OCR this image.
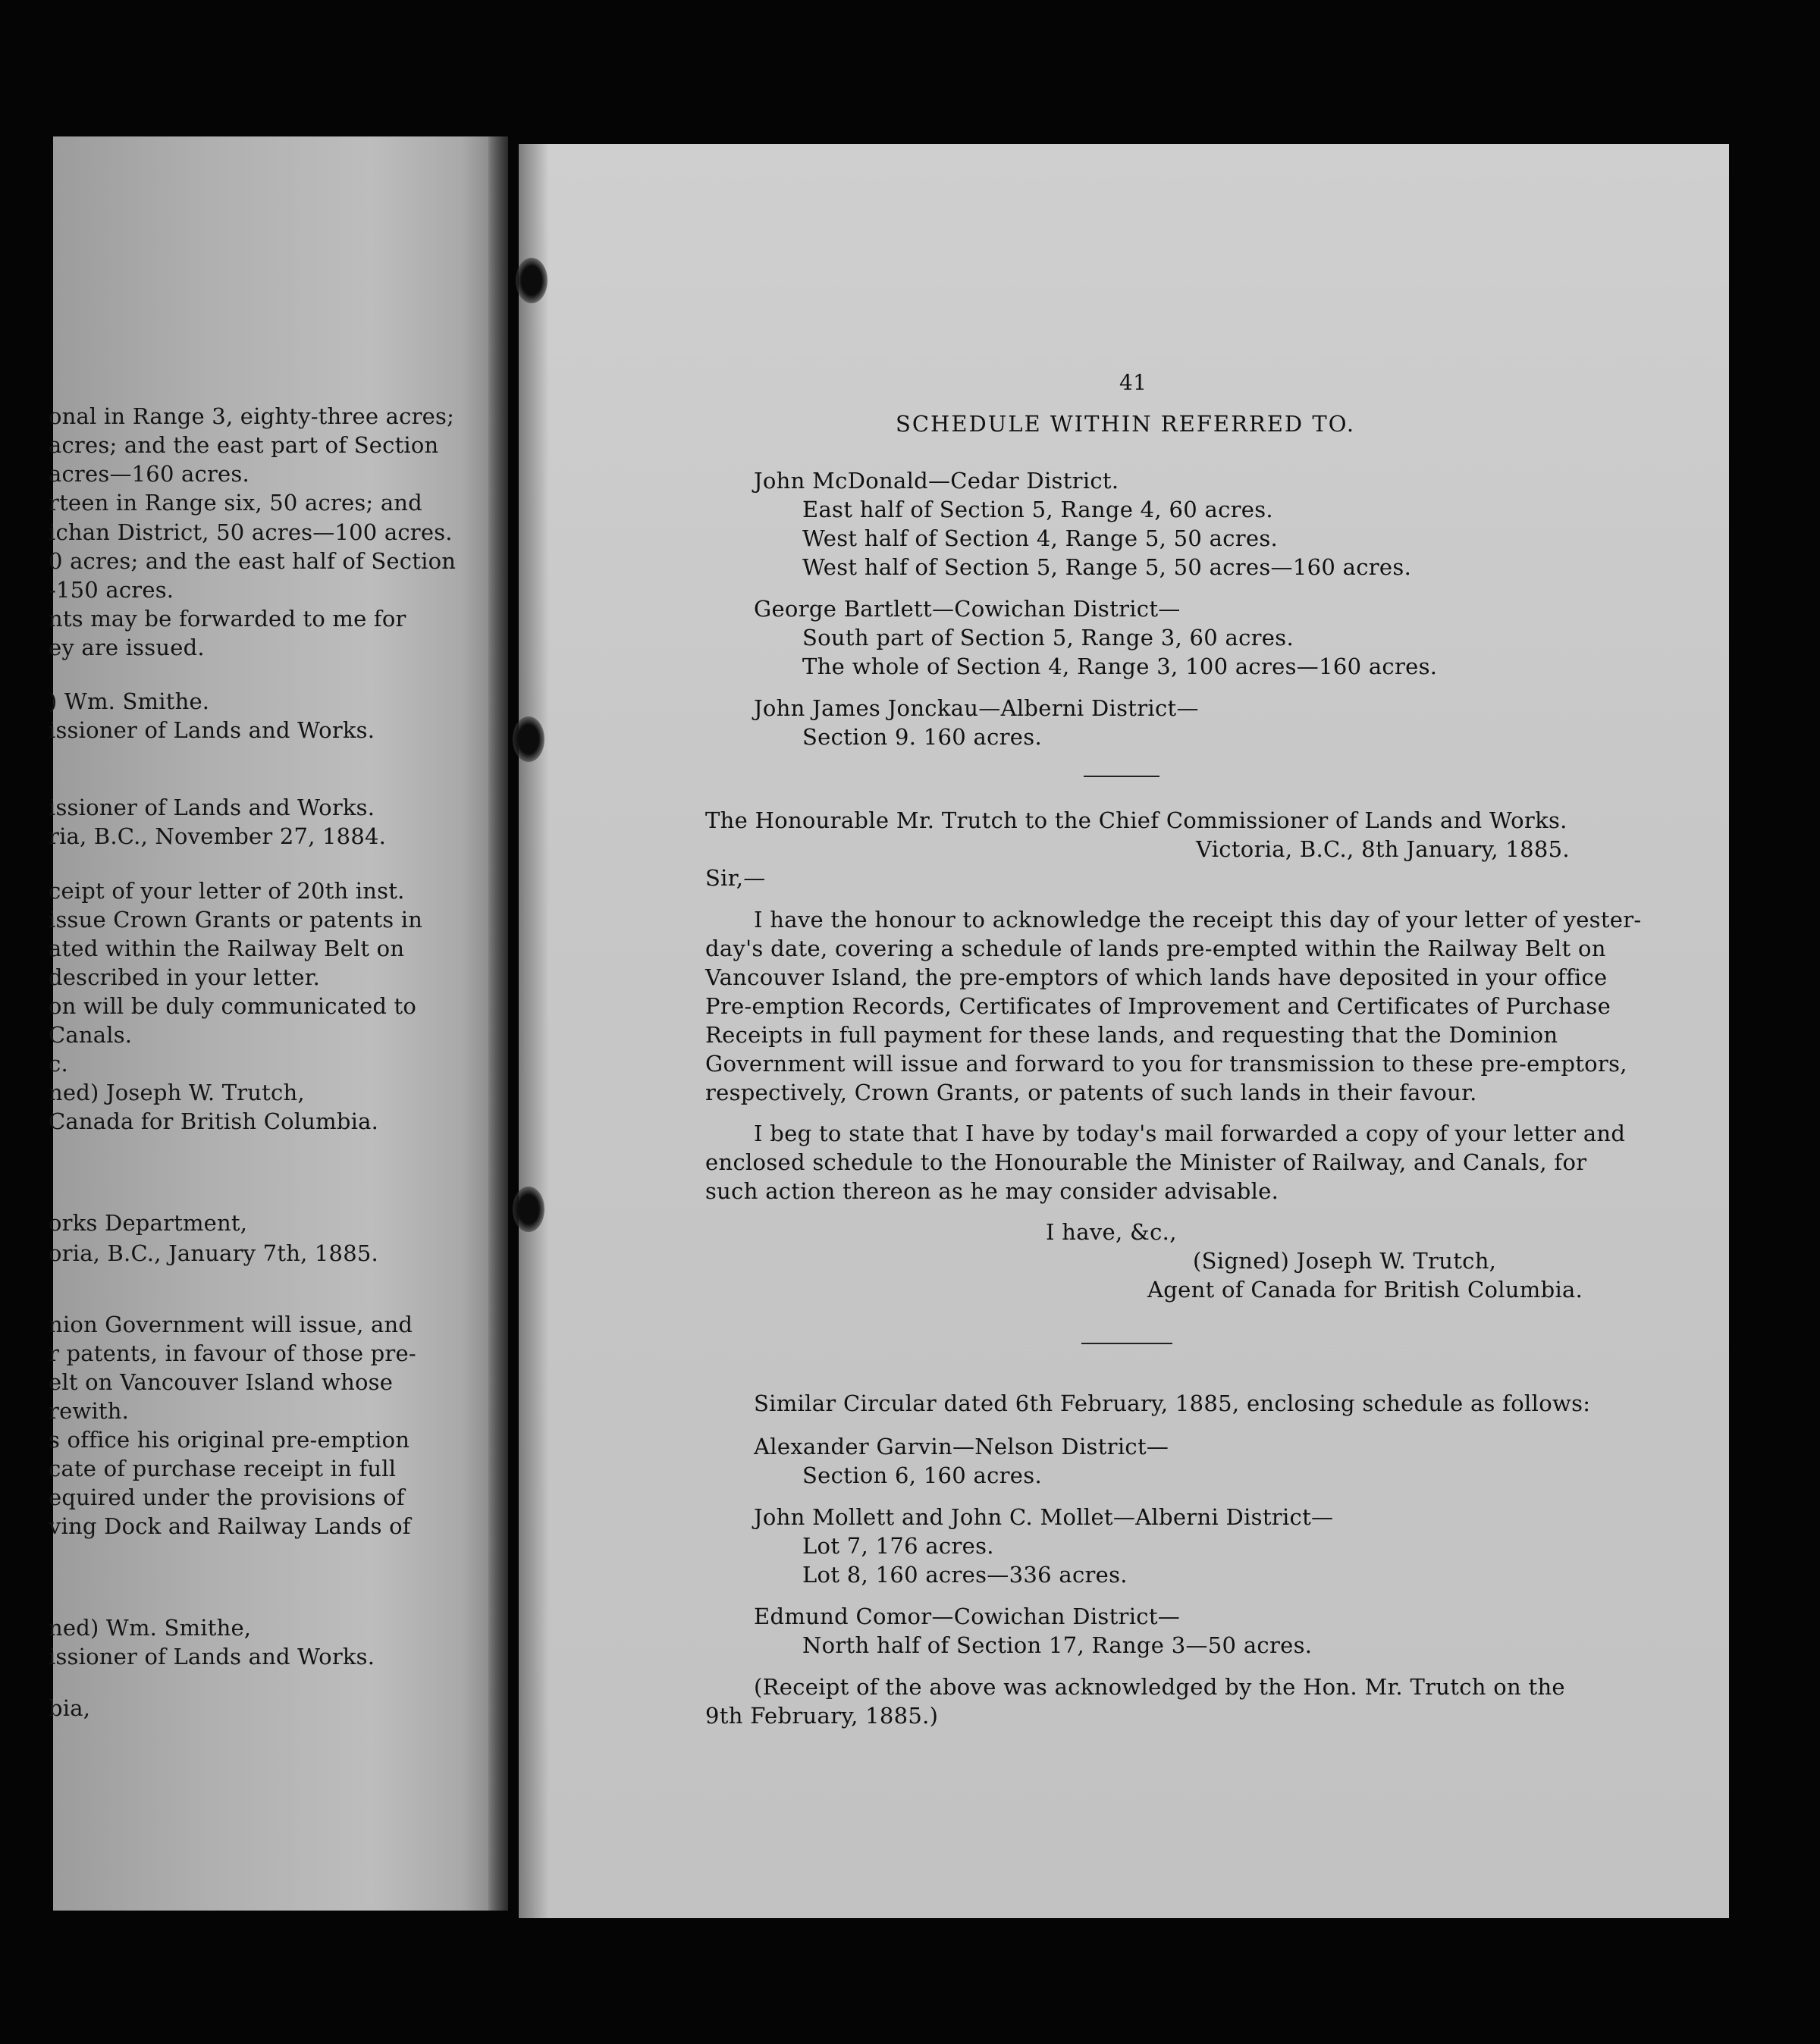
onal in Range 3, eighty-three acres;
acres; and the east part of Section
acres—160 acres.
rteen in Range six, 50 acres; and
ichan District, 50 acres—100 acres.
0 acres; and the east half of Section
-150 acres.
nts may be forwarded to me for
ey are issued.
) Wm. Smithe.
issioner of Lands and Works.
issioner of Lands and Works.
ria, B.C., November 27, 1884.
ceipt of your letter of 20th inst.
issue Crown Grants or patents in
ated within the Railway Belt on
described in your letter.
on will be duly communicated to
Canals.
c.
ned) Joseph W. Trutch,
Canada for British Columbia.
orks Department,
oria, B.C., January 7th, 1885.
nion Government will issue, and
r patents, in favour of those pre-
elt on Vancouver Island whose
rewith.
s office his original pre-emption
cate of purchase receipt in full
equired under the provisions of
ving Dock and Railway Lands of
ned) Wm. Smithe,
issioner of Lands and Works.
bia,
41
SCHEDULE WITHIN REFERRED TO.
John McDonald—Cedar District.
East half of Section 5, Range 4, 60 acres.
West half of Section 4, Range 5, 50 acres.
West half of Section 5, Range 5, 50 acres—160 acres.
George Bartlett—Cowichan District—
South part of Section 5, Range 3, 60 acres.
The whole of Section 4, Range 3, 100 acres—160 acres.
John James Jonckau—Alberni District—
Section 9. 160 acres.
The Honourable Mr. Trutch to the Chief Commissioner of Lands and Works.
Victoria, B.C., 8th January, 1885.
Sir,—
I have the honour to acknowledge the receipt this day of your letter of yester-
day's date, covering a schedule of lands pre-empted within the Railway Belt on
Vancouver Island, the pre-emptors of which lands have deposited in your office
Pre-emption Records, Certificates of Improvement and Certificates of Purchase
Receipts in full payment for these lands, and requesting that the Dominion
Government will issue and forward to you for transmission to these pre-emptors,
respectively, Crown Grants, or patents of such lands in their favour.
I beg to state that I have by today's mail forwarded a copy of your letter and
enclosed schedule to the Honourable the Minister of Railway, and Canals, for
such action thereon as he may consider advisable.
I have, &c.,
(Signed) Joseph W. Trutch,
Agent of Canada for British Columbia.
Similar Circular dated 6th February, 1885, enclosing schedule as follows:
Alexander Garvin—Nelson District—
Section 6, 160 acres.
John Mollett and John C. Mollet—Alberni District—
Lot 7, 176 acres.
Lot 8, 160 acres—336 acres.
Edmund Comor—Cowichan District—
North half of Section 17, Range 3—50 acres.
(Receipt of the above was acknowledged by the Hon. Mr. Trutch on the
9th February, 1885.)
